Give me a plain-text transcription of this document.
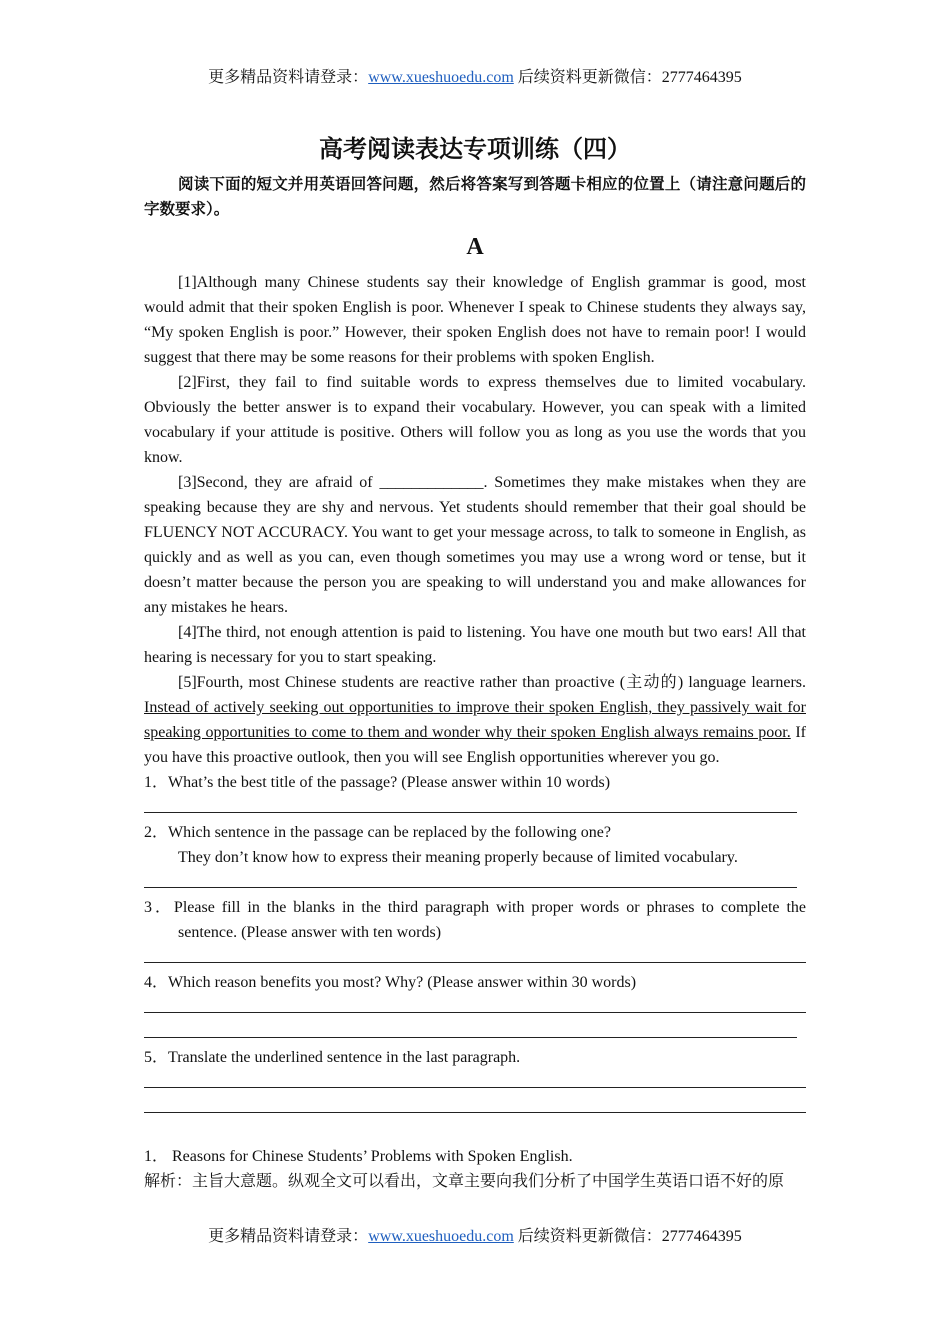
更多精品资料请登录：www.xueshuoedu.com 后续资料更新微信：2777464395
高考阅读表达专项训练（四）
阅读下面的短文并用英语回答问题，然后将答案写到答题卡相应的位置上（请注意问题后的字数要求）。
A

[1]Although many Chinese students say their knowledge of English grammar is good, most would admit that their spoken English is poor. Whenever I speak to Chinese students they always say, “My spoken English is poor.” However, their spoken English does not have to remain poor! I would suggest that there may be some reasons for their problems with spoken English.

[2]First, they fail to find suitable words to express themselves due to limited vocabulary. Obviously the better answer is to expand their vocabulary. However, you can speak with a limited vocabulary if your attitude is positive. Others will follow you as long as you use the words that you know.

[3]Second, they are afraid of _____________. Sometimes they make mistakes when they are speaking because they are shy and nervous. Yet students should remember that their goal should be FLUENCY NOT ACCURACY. You want to get your message across, to talk to someone in English, as quickly and as well as you can, even though sometimes you may use a wrong word or tense, but it doesn’t matter because the person you are speaking to will understand you and make allowances for any mistakes he hears.

[4]The third, not enough attention is paid to listening. You have one mouth but two ears! All that hearing is necessary for you to start speaking.

[5]Fourth, most Chinese students are reactive rather than proactive (主动的) language learners. Instead of actively seeking out opportunities to improve their spoken English, they passively wait for speaking opportunities to come to them and wonder why their spoken English always remains poor. If you have this proactive outlook, then you will see English opportunities wherever you go.

1．What’s the best title of the passage? (Please answer within 10 words)
2．Which sentence in the passage can be replaced by the following one?
They don’t know how to express their meaning properly because of limited vocabulary.
3．Please fill in the blanks in the third paragraph with proper words or phrases to complete the sentence. (Please answer with ten words)
4．Which reason benefits you most? Why? (Please answer within 30 words)
5．Translate the underlined sentence in the last paragraph.
1． Reasons for Chinese Students’ Problems with Spoken English.
解析：主旨大意题。纵观全文可以看出，文章主要向我们分析了中国学生英语口语不好的原
更多精品资料请登录：www.xueshuoedu.com 后续资料更新微信：2777464395
